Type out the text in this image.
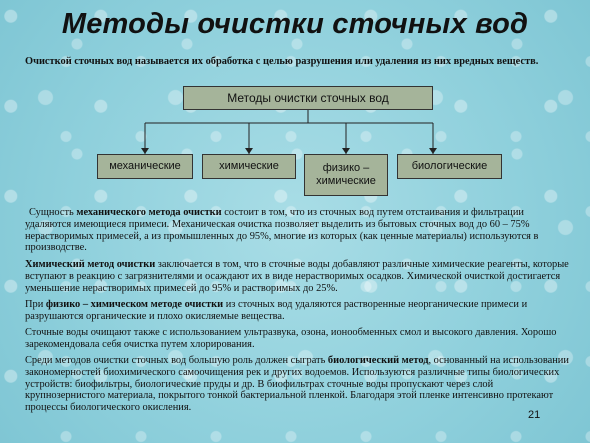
Методы очистки сточных вод
Очисткой сточных вод называется их обработка с целью разрушения или удаления из них вредных веществ.
Методы очистки сточных вод
механические	химические	физико – химические
биологические
Сущность механического метода очистки состоит в том, что из сточных вод путем отстаивания и фильтрации удаляются имеющиеся примеси. Механическая очистка позволяет выделить из бытовых сточных вод до 60 – 75% нерастворимых примесей, а из промышленных до 95%, многие из которых (как ценные материалы) используются в производстве.
Химический метод очистки заключается в том, что в сточные воды добавляют различные химические реагенты, которые вступают в реакцию с загрязнителями и осаждают их в виде нерастворимых осадков. Химической очисткой достигается уменьшение нерастворимых примесей до 95% и растворимых до 25%.
При физико – химическом методе очистки из сточных вод удаляются растворенные неорганические примеси и разрушаются органические и плохо окисляемые вещества.
Сточные воды очищают также с использованием ультразвука, озона, ионообменных смол и высокого давления. Хорошо зарекомендовала себя очистка путем хлорирования.
Среди методов очистки сточных вод большую роль должен сыграть биологический метод, основанный на использовании закономерностей биохимического самоочищения рек и других водоемов. Используются различные типы биологических устройств: биофильтры, биологические пруды и др. В биофильтрах сточные воды пропускают через слой крупнозернистого материала, покрытого тонкой бактериальной пленкой. Благодаря этой пленке интенсивно протекают процессы биологического окисления.
21
